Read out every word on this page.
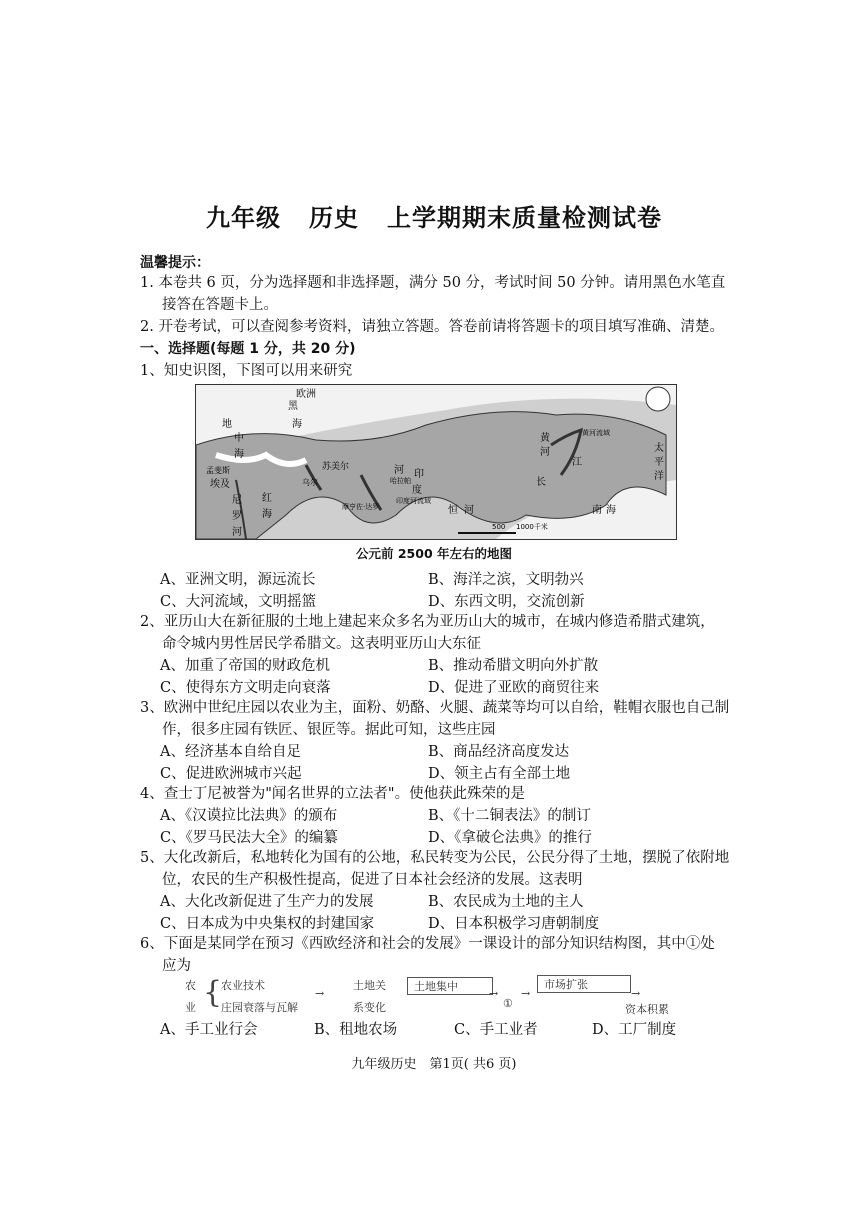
九年级 历史 上学期期末质量检测试卷
温馨提示：
1. 本卷共 6 页，分为选择题和非选择题，满分 50 分，考试时间 50 分钟。请用黑色水笔直
接答在答题卡上。
2. 开卷考试，可以查阅参考资料，请独立答题。答卷前请将答题卡的项目填写准确、清楚。
一、选择题(每题 1 分，共 20 分)
1、知史识图，下图可以用来研究
欧洲
黑
海
地
中
海
孟斐斯
埃及
尼
罗
河
红
海
苏美尔
乌尔
印
度
河
恒 河
黄
河
江
长
太
平
洋
南 海
黄河流域
印度河流域
摩亨佐·达罗
哈拉帕
500 1000千米
公元前 2500 年左右的地图
A、亚洲文明，源远流长	B、海洋之滨，文明勃兴
C、大河流域，文明摇篮	D、东西文明，交流创新
2、亚历山大在新征服的土地上建起来众多名为亚历山大的城市，在城内修造希腊式建筑，
命令城内男性居民学希腊文。这表明亚历山大东征
A、加重了帝国的财政危机	B、推动希腊文明向外扩散
C、使得东方文明走向衰落	D、促进了亚欧的商贸往来
3、欧洲中世纪庄园以农业为主，面粉、奶酪、火腿、蔬菜等均可以自给，鞋帽衣服也自己制
作，很多庄园有铁匠、银匠等。据此可知，这些庄园
A、经济基本自给自足	B、商品经济高度发达
C、促进欧洲城市兴起	D、领主占有全部土地
4、查士丁尼被誉为"闻名世界的立法者"。使他获此殊荣的是
A、《汉谟拉比法典》的颁布	B、《十二铜表法》的制订
C、《罗马民法大全》的编纂	D、《拿破仑法典》的推行
5、大化改新后，私地转化为国有的公地，私民转变为公民，公民分得了土地，摆脱了依附地
位，农民的生产积极性提高，促进了日本社会经济的发展。这表明
A、大化改新促进了生产力的发展	B、农民成为土地的主人
C、日本成为中央集权的封建国家	D、日本积极学习唐朝制度
6、下面是某同学在预习《西欧经济和社会的发展》一课设计的部分知识结构图，其中①处
应为
农
业 {
农业技术
庄园衰落与瓦解
→
土地关
系变化
土地集中
→
①
→
市场扩张
→
资本积累
A、手工业行会	B、租地农场	C、手工业者	D、工厂制度
九年级历史　第1页( 共6 页)
